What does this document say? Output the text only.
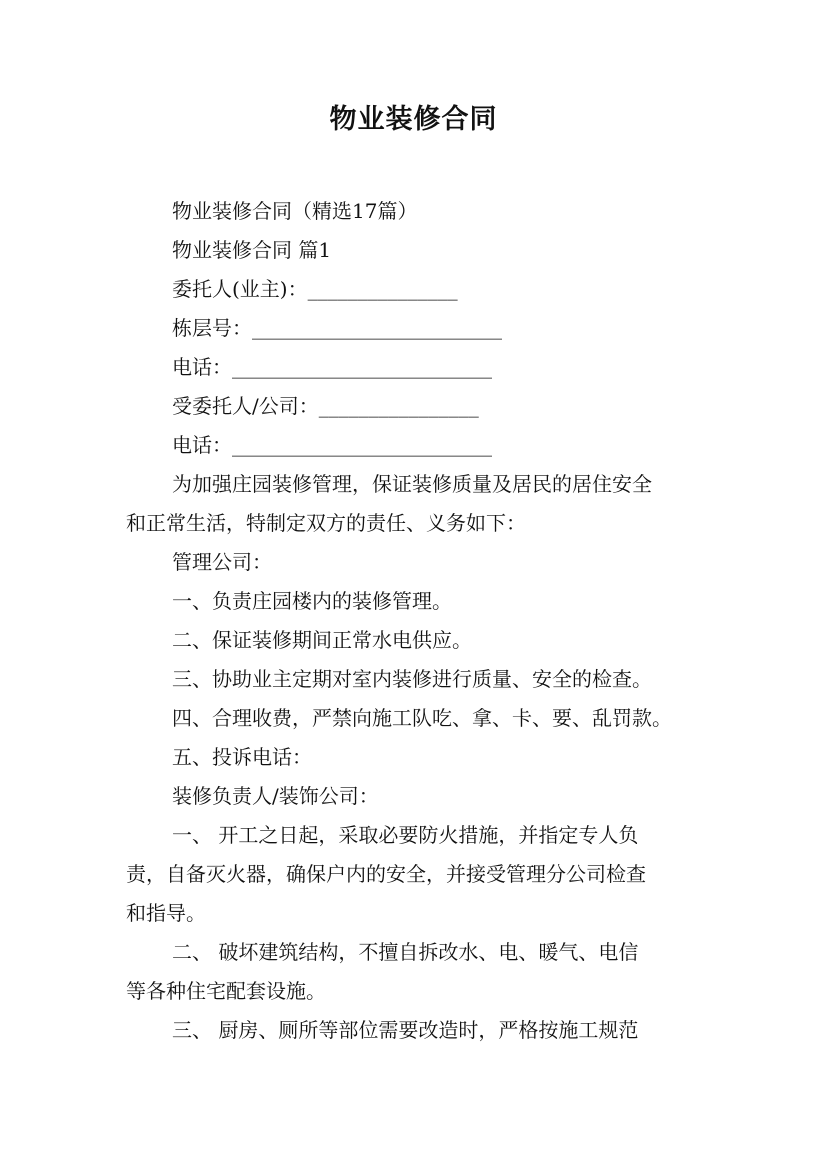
物业装修合同
物业装修合同（精选17篇）
物业装修合同 篇1
委托人(业主)：_______________
栋层号：_________________________
电话：__________________________
受委托人/公司：________________
电话：__________________________
为加强庄园装修管理，保证装修质量及居民的居住安全
和正常生活，特制定双方的责任、义务如下：
管理公司：
一、负责庄园楼内的装修管理。
二、保证装修期间正常水电供应。
三、协助业主定期对室内装修进行质量、安全的检查。
四、合理收费，严禁向施工队吃、拿、卡、要、乱罚款。
五、投诉电话：
装修负责人/装饰公司：
一、 开工之日起，采取必要防火措施，并指定专人负
责，自备灭火器，确保户内的安全，并接受管理分公司检查
和指导。
二、 破坏建筑结构，不擅自拆改水、电、暖气、电信
等各种住宅配套设施。
三、 厨房、厕所等部位需要改造时，严格按施工规范
